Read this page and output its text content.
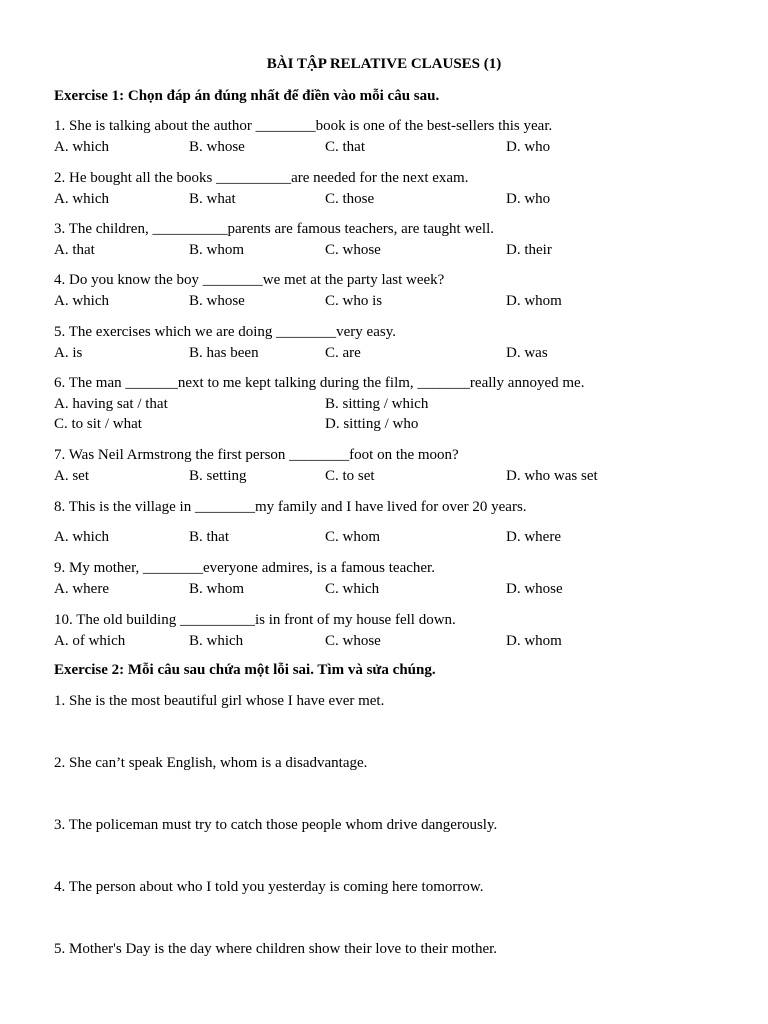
BÀI TẬP RELATIVE CLAUSES (1)
Exercise 1: Chọn đáp án đúng nhất để điền vào mỗi câu sau.
1. She is talking about the author ________book is one of the best-sellers this year.
A. which	B. whose	C. that	D. who
2. He bought all the books __________are needed for the next exam.
A. which	B. what	C. those	D. who
3. The children, __________parents are famous teachers, are taught well.
A. that	B. whom	C. whose	D. their
4. Do you know the boy ________we met at the party last week?
A. which	B. whose	C. who is	D. whom
5. The exercises which we are doing ________very easy.
A. is	B. has been	C. are	D. was
6. The man _______next to me kept talking during the film, _______really annoyed me.
A. having sat / that	B. sitting / which
C. to sit / what	D. sitting / who
7. Was Neil Armstrong the first person ________foot on the moon?
A. set	B. setting	C. to set	D. who was set
8. This is the village in ________my family and I have lived for over 20 years.
A. which	B. that	C. whom	D. where
9. My mother, ________everyone admires, is a famous teacher.
A. where	B. whom	C. which	D. whose
10. The old building __________is in front of my house fell down.
A. of which	B. which	C. whose	D. whom
Exercise 2: Mỗi câu sau chứa một lỗi sai. Tìm và sửa chúng.
1. She is the most beautiful girl whose I have ever met.
2. She can’t speak English, whom is a disadvantage.
3. The policeman must try to catch those people whom drive dangerously.
4. The person about who I told you yesterday is coming here tomorrow.
5. Mother's Day is the day where children show their love to their mother.
